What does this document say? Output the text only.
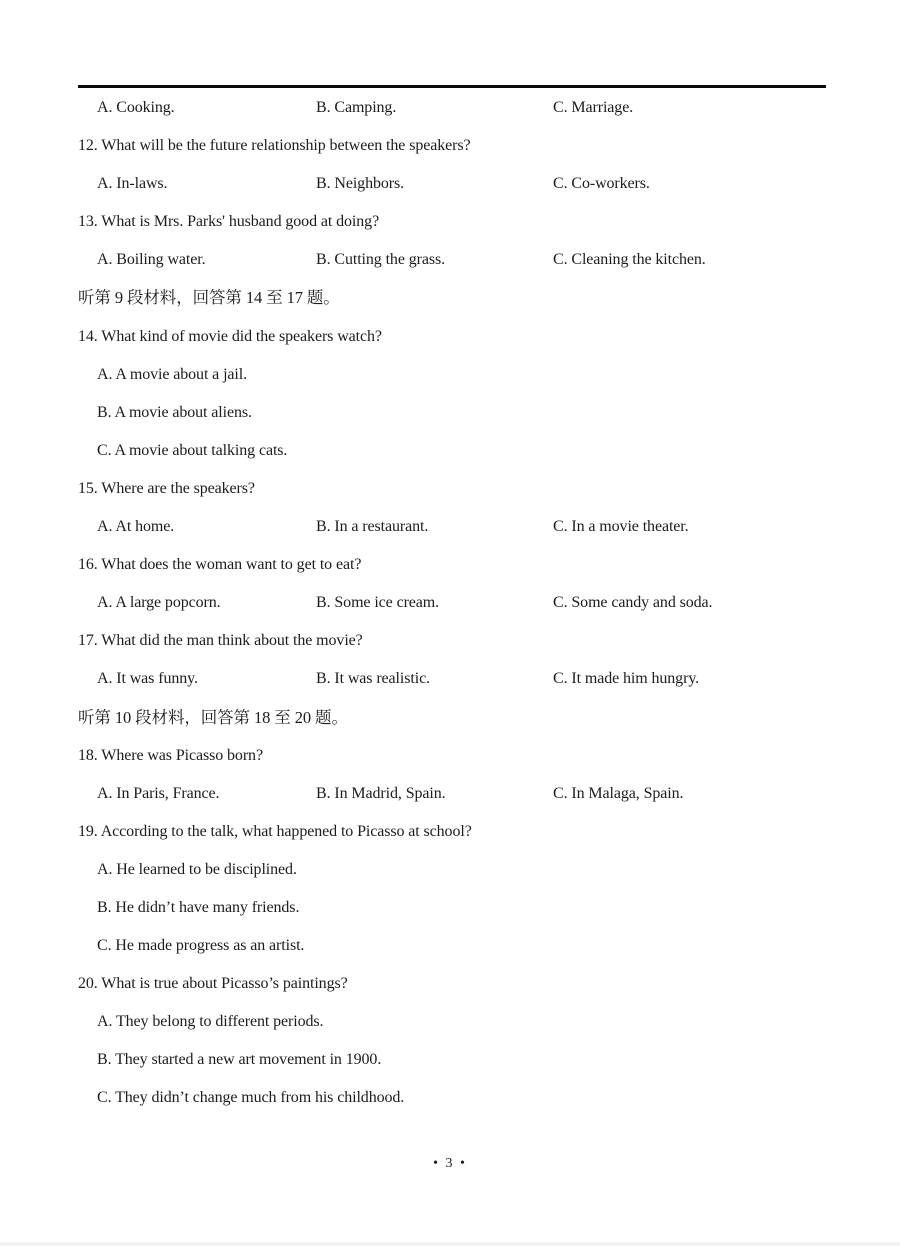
A. Cooking.	B. Camping.	C. Marriage.
12. What will be the future relationship between the speakers?
A. In-laws.	B. Neighbors.	C. Co-workers.
13. What is Mrs. Parks' husband good at doing?
A. Boiling water.	B. Cutting the grass.	C. Cleaning the kitchen.
听第 9 段材料，回答第 14 至 17 题。
14. What kind of movie did the speakers watch?
A. A movie about a jail.
B. A movie about aliens.
C. A movie about talking cats.
15. Where are the speakers?
A. At home.	B. In a restaurant.	C. In a movie theater.
16. What does the woman want to get to eat?
A. A large popcorn.	B. Some ice cream.	C. Some candy and soda.
17. What did the man think about the movie?
A. It was funny.	B. It was realistic.	C. It made him hungry.
听第 10 段材料，回答第 18 至 20 题。
18. Where was Picasso born?
A. In Paris, France.	B. In Madrid, Spain.	C. In Malaga, Spain.
19. According to the talk, what happened to Picasso at school?
A. He learned to be disciplined.
B. He didn’t have many friends.
C. He made progress as an artist.
20. What is true about Picasso’s paintings?
A. They belong to different periods.
B. They started a new art movement in 1900.
C. They didn’t change much from his childhood.
• 3 •
